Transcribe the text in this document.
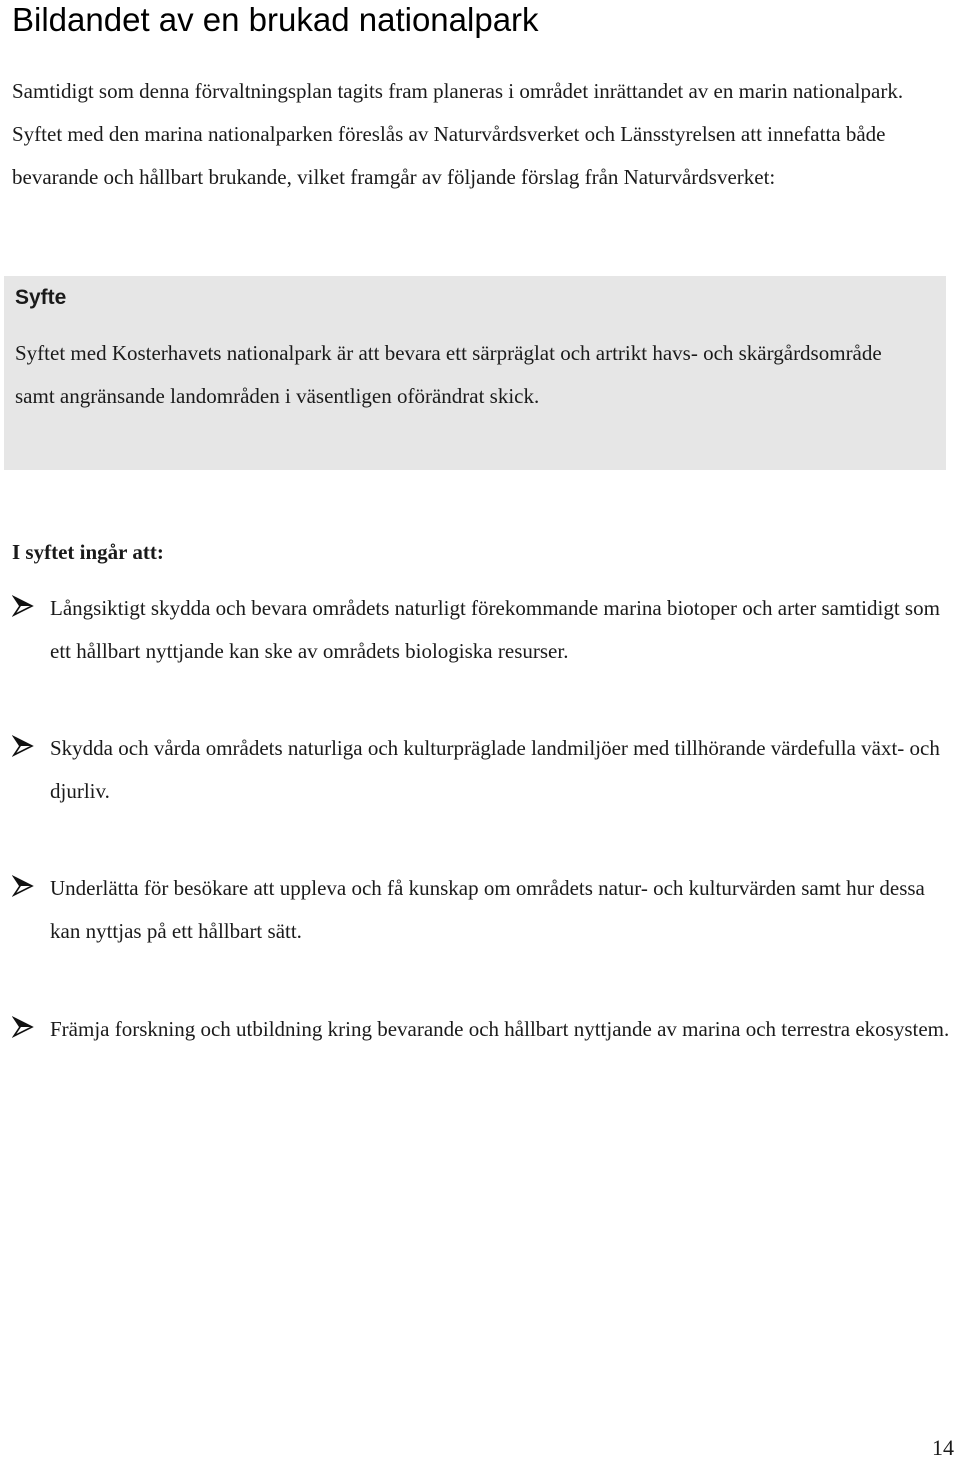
Bildandet av en brukad nationalpark

Samtidigt som denna förvaltningsplan tagits fram planeras i området inrättandet av en marin nationalpark. Syftet med den marina nationalparken föreslås av Naturvårdsverket och Länsstyrelsen att innefatta både bevarande och hållbart brukande, vilket framgår av följande förslag från Naturvårdsverket:

Syfte

Syftet med Kosterhavets nationalpark är att bevara ett särpräglat och artrikt havs- och skärgårdsområde samt angränsande landområden i väsentligen oförändrat skick.

I syftet ingår att:

Långsiktigt skydda och bevara områdets naturligt förekommande marina biotoper och arter samtidigt som ett hållbart nyttjande kan ske av områdets biologiska resurser.

Skydda och vårda områdets naturliga och kulturpräglade landmiljöer med tillhörande värdefulla växt- och djurliv.

Underlätta för besökare att uppleva och få kunskap om områdets natur- och kulturvärden samt hur dessa kan nyttjas på ett hållbart sätt.

Främja forskning och utbildning kring bevarande och hållbart nyttjande av marina och terrestra ekosystem.

14
